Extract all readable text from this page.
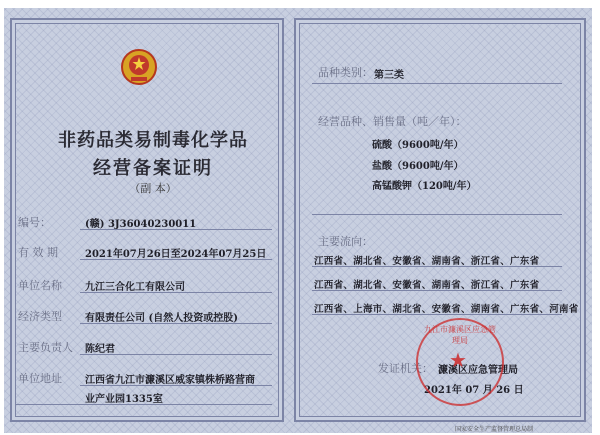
非药品类易制毒化学品
经营备案证明
（副 本）
编号：	(赣) 3J36040230011
有 效 期	2021年07月26日至2024年07月25日
单位名称 九江三合化工有限公司
经济类型 有限责任公司 (自然人投资或控股)
主要负责人 陈纪君
单位地址 江西省九江市濂溪区威家镇株桥路营商
业产业园1335室
品种类别： 第三类
经营品种、销售量（吨／年）：
硫酸（9600吨/年）
盐酸（9600吨/年）
高锰酸钾（120吨/年）
主要流向：
江西省、湖北省、安徽省、湖南省、浙江省、广东省
江西省、湖北省、安徽省、湖南省、浙江省、广东省
江西省、上海市、湖北省、安徽省、湖南省、广东省、河南省
发证机关： 濂溪区应急管理局
2021年 07 月 26 日
九江市濂溪区应急管理局
★
国家安全生产监督管理总局制
